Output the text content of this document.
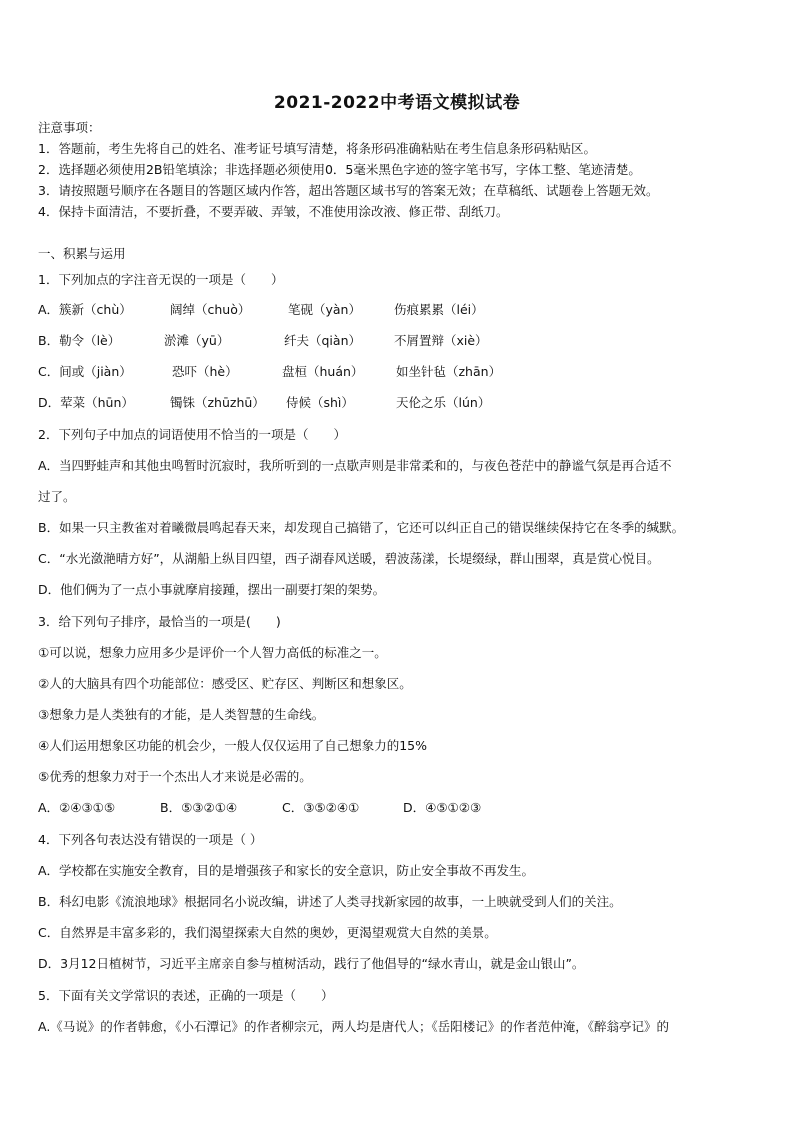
2021-2022中考语文模拟试卷
注意事项：
1．答题前，考生先将自己的姓名、准考证号填写清楚，将条形码准确粘贴在考生信息条形码粘贴区。
2．选择题必须使用2B铅笔填涂；非选择题必须使用0．5毫米黑色字迹的签字笔书写，字体工整、笔迹清楚。
3．请按照题号顺序在各题目的答题区域内作答，超出答题区域书写的答案无效；在草稿纸、试题卷上答题无效。
4．保持卡面清洁，不要折叠，不要弄破、弄皱，不准使用涂改液、修正带、刮纸刀。
一、积累与运用
1．下列加点的字注音无误的一项是（　　）
A．簇新（chù）	阔绰（chuò）	笔砚（yàn）	伤痕累累（léi）
B．勒令（lè）	淤滩（yū）	纤夫（qiàn）	不屑置辩（xiè）
C．间或（jiàn）	恐吓（hè）	盘桓（huán）	如坐针毡（zhān）
D．荤菜（hūn）	镯铢（zhūzhū） 侍候（shì）	天伦之乐（lún）
2．下列句子中加点的词语使用不恰当的一项是（　　）
A．当四野蛙声和其他虫鸣暂时沉寂时，我所听到的一点歇声则是非常柔和的，与夜色苍茫中的静谧气氛是再合适不
过了。
B．如果一只主教雀对着曦微晨鸣起春天来，却发现自己搞错了，它还可以纠正自己的错误继续保持它在冬季的缄默。
C．“水光潋滟晴方好”，从湖船上纵目四望，西子湖春风送暖，碧波荡漾，长堤缀绿，群山围翠，真是赏心悦目。
D．他们俩为了一点小事就摩肩接踵，摆出一副要打架的架势。
3．给下列句子排序，最恰当的一项是(　　)
①可以说，想象力应用多少是评价一个人智力高低的标准之一。
②人的大脑具有四个功能部位：感受区、贮存区、判断区和想象区。
③想象力是人类独有的才能，是人类智慧的生命线。
④人们运用想象区功能的机会少，一般人仅仅运用了自己想象力的15%
⑤优秀的想象力对于一个杰出人才来说是必需的。
A．②④③①⑤	B．⑤③②①④	C．③⑤②④①	D．④⑤①②③
4．下列各句表达没有错误的一项是（ ）
A．学校都在实施安全教育，目的是增强孩子和家长的安全意识，防止安全事故不再发生。
B．科幻电影《流浪地球》根据同名小说改编，讲述了人类寻找新家园的故事，一上映就受到人们的关注。
C．自然界是丰富多彩的，我们渴望探索大自然的奥妙，更渴望观赏大自然的美景。
D．3月12日植树节，习近平主席亲自参与植树活动，践行了他倡导的“绿水青山，就是金山银山”。
5．下面有关文学常识的表述，正确的一项是（　　）
A.《马说》的作者韩愈，《小石潭记》的作者柳宗元，两人均是唐代人；《岳阳楼记》的作者范仲淹，《醉翁亭记》的
